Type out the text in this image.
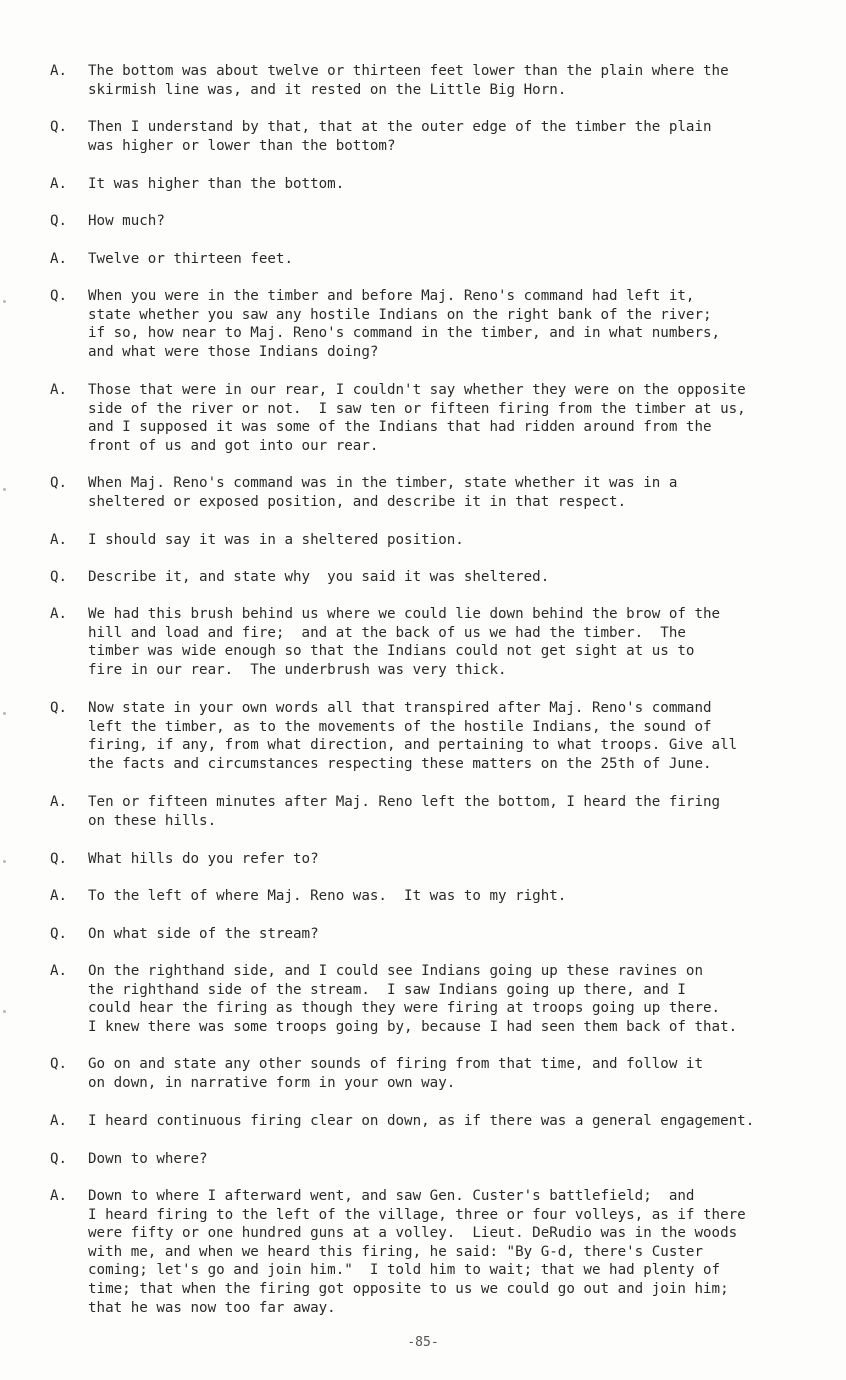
A.	The bottom was about twelve or thirteen feet lower than the plain where the
skirmish line was, and it rested on the Little Big Horn.
Q.	Then I understand by that, that at the outer edge of the timber the plain
was higher or lower than the bottom?
A.	It was higher than the bottom.
Q.	How much?
A.	Twelve or thirteen feet.
Q.	When you were in the timber and before Maj. Reno's command had left it,
state whether you saw any hostile Indians on the right bank of the river;
if so, how near to Maj. Reno's command in the timber, and in what numbers,
and what were those Indians doing?
A.	Those that were in our rear, I couldn't say whether they were on the opposite
side of the river or not.  I saw ten or fifteen firing from the timber at us,
and I supposed it was some of the Indians that had ridden around from the
front of us and got into our rear.
Q.	When Maj. Reno's command was in the timber, state whether it was in a
sheltered or exposed position, and describe it in that respect.
A.	I should say it was in a sheltered position.
Q.	Describe it, and state why  you said it was sheltered.
A.	We had this brush behind us where we could lie down behind the brow of the
hill and load and fire;  and at the back of us we had the timber.  The
timber was wide enough so that the Indians could not get sight at us to
fire in our rear.  The underbrush was very thick.
Q.	Now state in your own words all that transpired after Maj. Reno's command
left the timber, as to the movements of the hostile Indians, the sound of
firing, if any, from what direction, and pertaining to what troops. Give all
the facts and circumstances respecting these matters on the 25th of June.
A.	Ten or fifteen minutes after Maj. Reno left the bottom, I heard the firing
on these hills.
Q.	What hills do you refer to?
A.	To the left of where Maj. Reno was.  It was to my right.
Q.	On what side of the stream?
A.	On the righthand side, and I could see Indians going up these ravines on
the righthand side of the stream.  I saw Indians going up there, and I
could hear the firing as though they were firing at troops going up there.
I knew there was some troops going by, because I had seen them back of that.
Q.	Go on and state any other sounds of firing from that time, and follow it
on down, in narrative form in your own way.
A.	I heard continuous firing clear on down, as if there was a general engagement.
Q.	Down to where?
A.	Down to where I afterward went, and saw Gen. Custer's battlefield;  and
I heard firing to the left of the village, three or four volleys, as if there
were fifty or one hundred guns at a volley.  Lieut. DeRudio was in the woods
with me, and when we heard this firing, he said: "By G-d, there's Custer
coming; let's go and join him."  I told him to wait; that we had plenty of
time; that when the firing got opposite to us we could go out and join him;
that he was now too far away.
-85-
